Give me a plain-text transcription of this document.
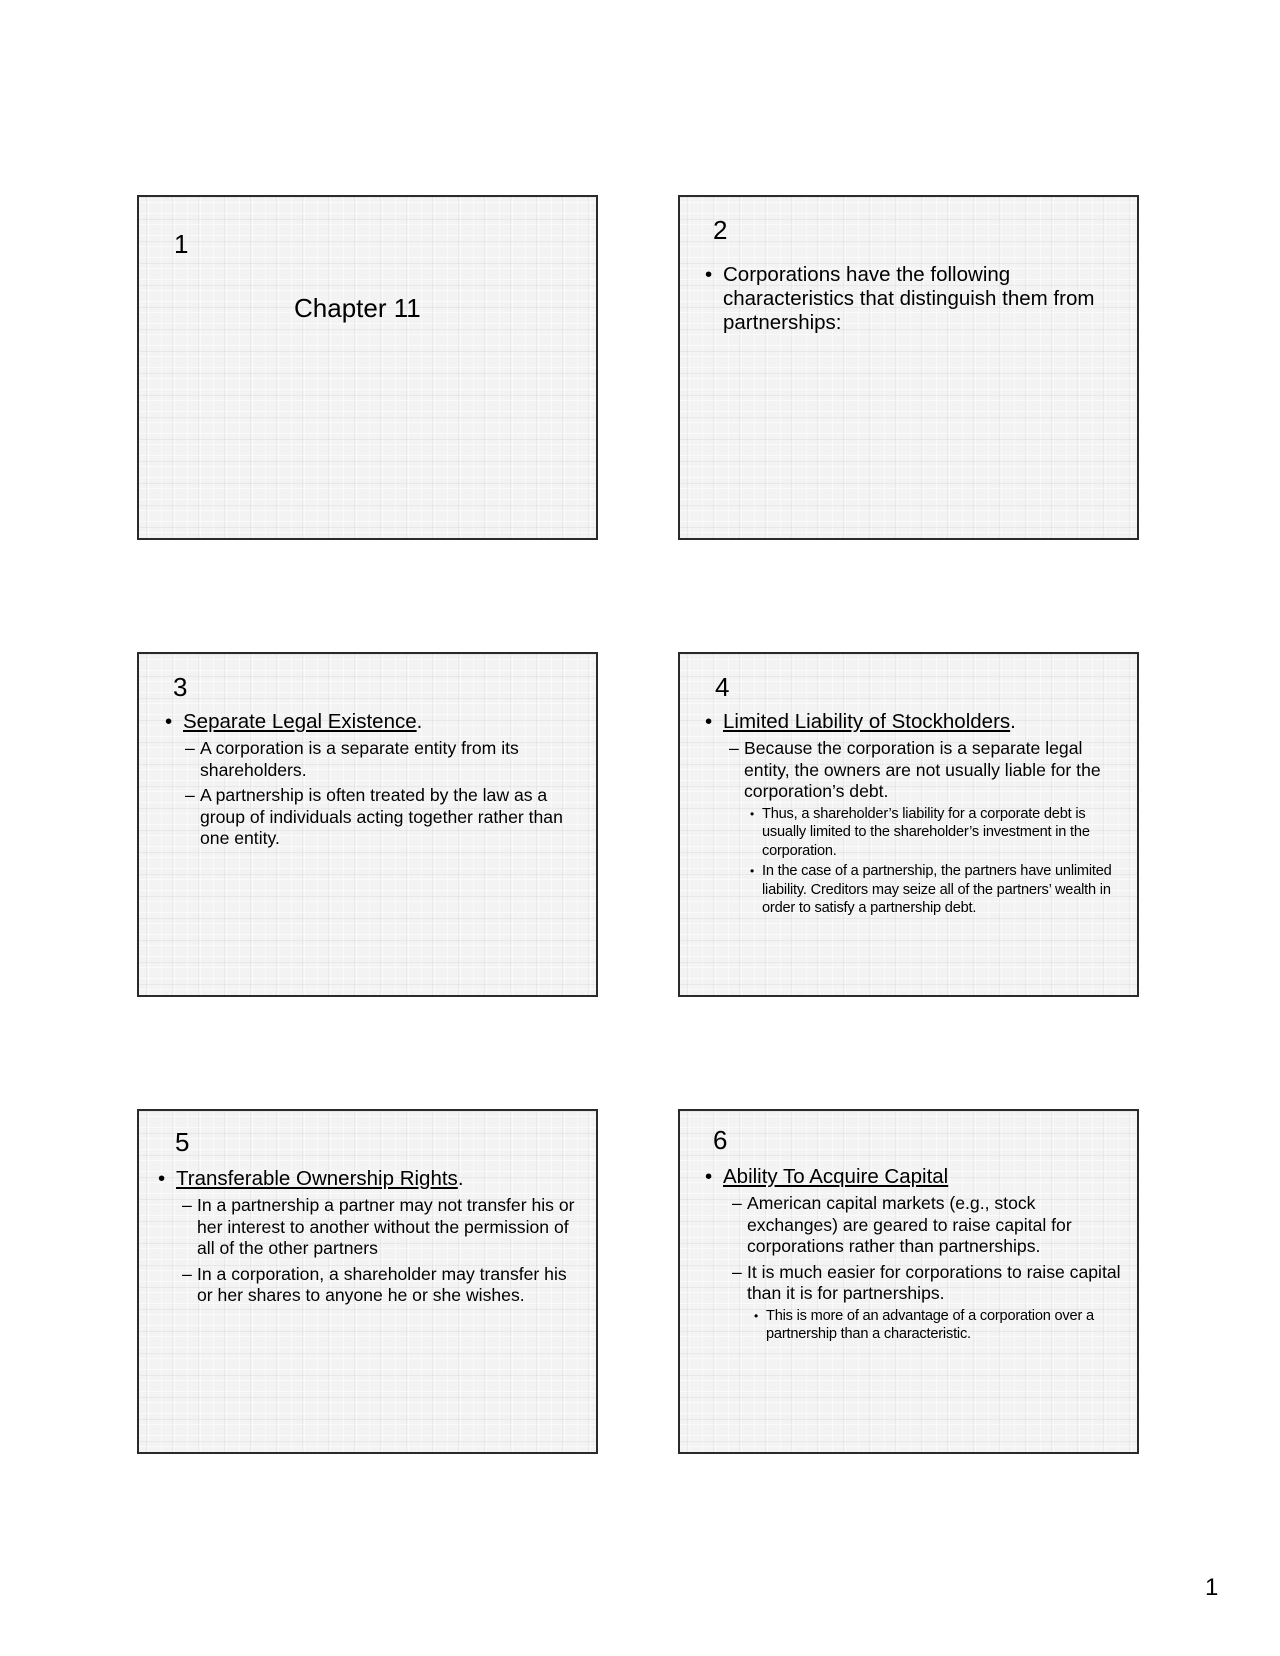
1
Chapter 11
2
• Corporations have the following characteristics that distinguish them from partnerships:
3
• Separate Legal Existence.
– A corporation is a separate entity from its shareholders.
– A partnership is often treated by the law as a group of individuals acting together rather than one entity.
4
• Limited Liability of Stockholders.
– Because the corporation is a separate legal entity, the owners are not usually liable for the corporation’s debt.
• Thus, a shareholder’s liability for a corporate debt is usually limited to the shareholder’s investment in the corporation.
• In the case of a partnership, the partners have unlimited liability. Creditors may seize all of the partners’ wealth in order to satisfy a partnership debt.
5
• Transferable Ownership Rights.
– In a partnership a partner may not transfer his or her interest to another without the permission of all of the other partners
– In a corporation, a shareholder may transfer his or her shares to anyone he or she wishes.
6
• Ability To Acquire Capital
– American capital markets (e.g., stock exchanges) are geared to raise capital for corporations rather than partnerships.
– It is much easier for corporations to raise capital than it is for partnerships.
• This is more of an advantage of a corporation over a partnership than a characteristic.
1
